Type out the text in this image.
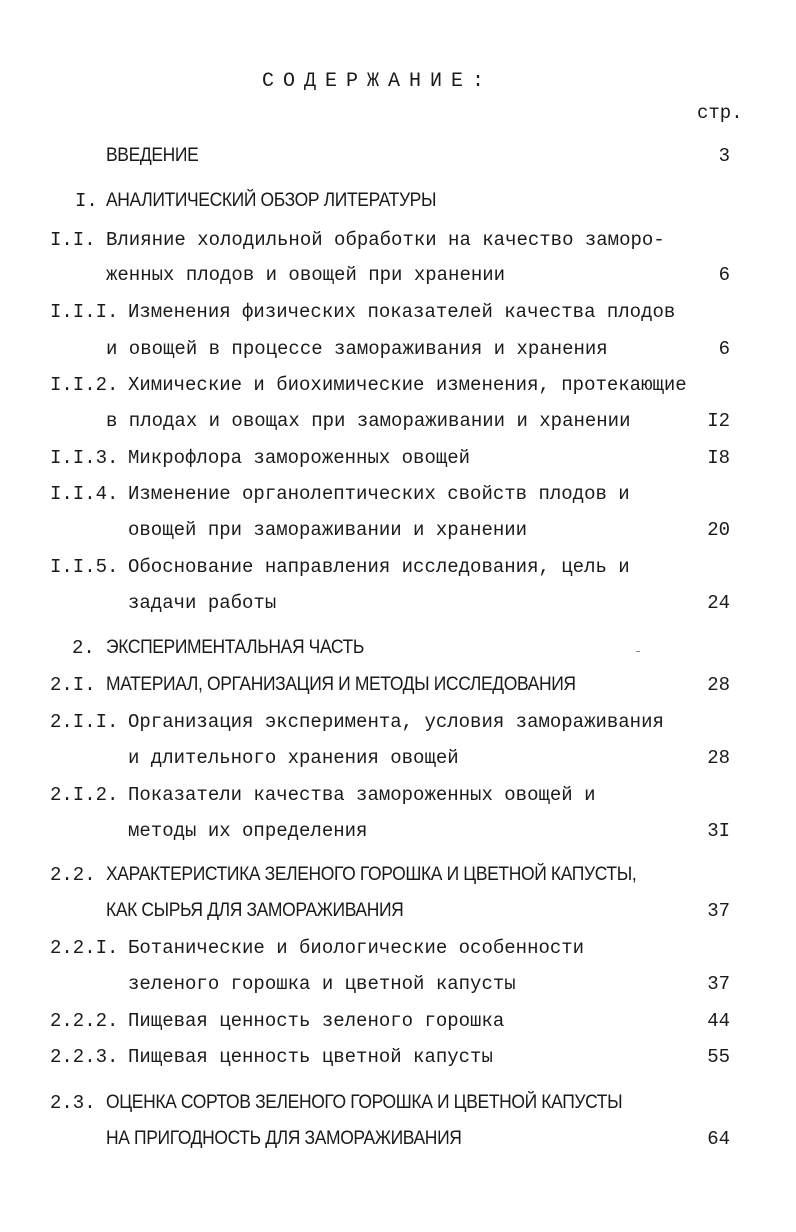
СОДЕРЖАНИЕ:
стр.
ВВЕДЕНИЕ	3
I. АНАЛИТИЧЕСКИЙ ОБЗОР ЛИТЕРАТУРЫ
I.I. Влияние холодильной обработки на качество заморо-
женных плодов и овощей при хранении	6
I.I.I. Изменения физических показателей качества плодов
и овощей в процессе замораживания и хранения	6
I.I.2. Химические и биохимические изменения, протекающие
в плодах и овощах при замораживании и хранении	I2
I.I.3. Микрофлора замороженных овощей	I8
I.I.4. Изменение органолептических свойств плодов и
овощей при замораживании и хранении	20
I.I.5. Обоснование направления исследования, цель и
задачи работы	24
2. ЭКСПЕРИМЕНТАЛЬНАЯ ЧАСТЬ
2.I. МАТЕРИАЛ, ОРГАНИЗАЦИЯ И МЕТОДЫ ИССЛЕДОВАНИЯ	28
2.I.I. Организация эксперимента, условия замораживания
и длительного хранения овощей	28
2.I.2. Показатели качества замороженных овощей и
методы их определения	3I
2.2. ХАРАКТЕРИСТИКА ЗЕЛЕНОГО ГОРОШКА И ЦВЕТНОЙ КАПУСТЫ,
КАК СЫРЬЯ ДЛЯ ЗАМОРАЖИВАНИЯ	37
2.2.I. Ботанические и биологические особенности
зеленого горошка и цветной капусты	37
2.2.2. Пищевая ценность зеленого горошка	44
2.2.3. Пищевая ценность цветной капусты	55
2.3. ОЦЕНКА СОРТОВ ЗЕЛЕНОГО ГОРОШКА И ЦВЕТНОЙ КАПУСТЫ
НА ПРИГОДНОСТЬ ДЛЯ ЗАМОРАЖИВАНИЯ	64
